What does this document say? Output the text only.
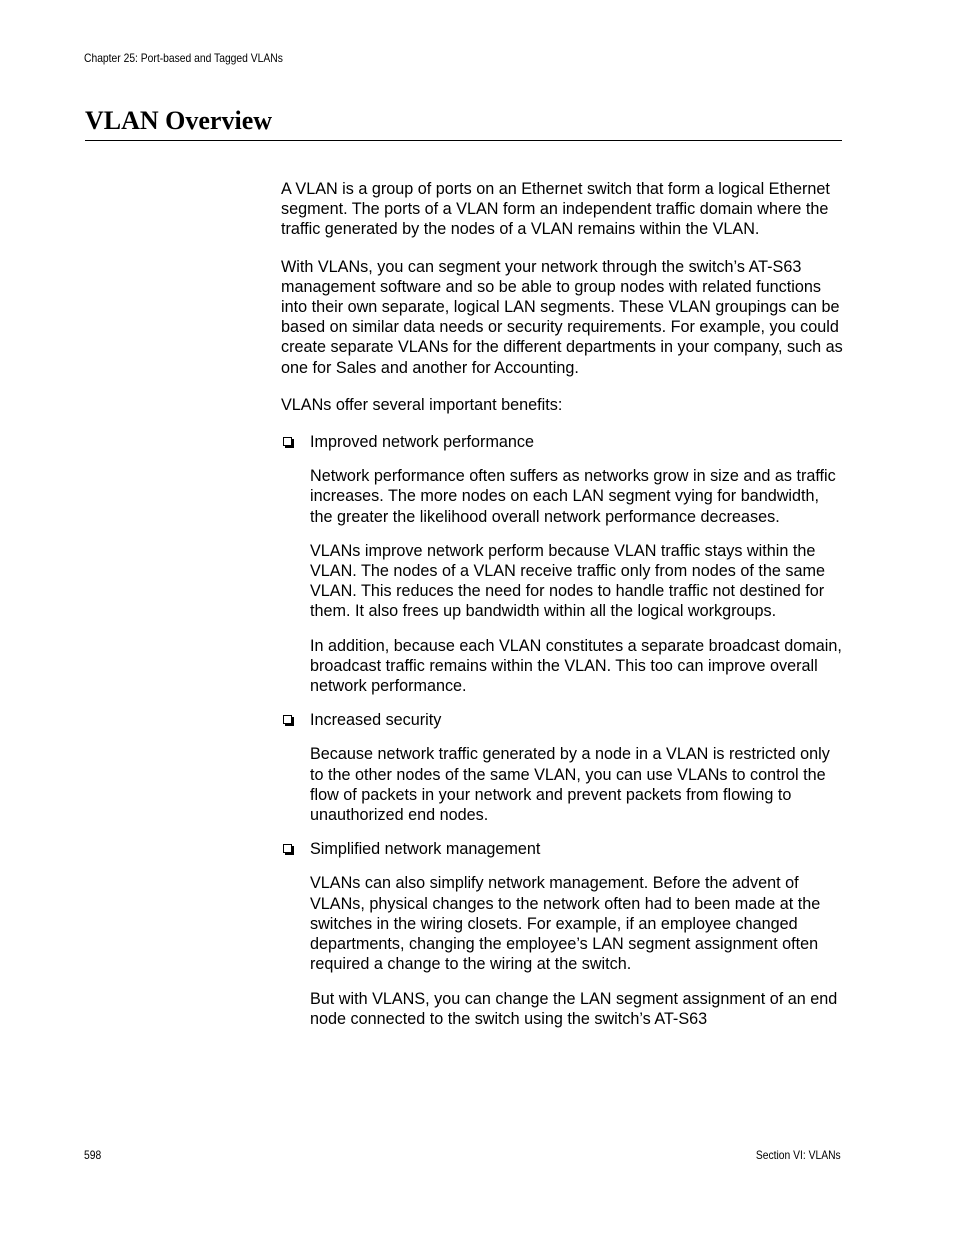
Chapter 25: Port-based and Tagged VLANs
VLAN Overview

A VLAN is a group of ports on an Ethernet switch that form a logical Ethernet segment. The ports of a VLAN form an independent traffic domain where the traffic generated by the nodes of a VLAN remains within the VLAN.

With VLANs, you can segment your network through the switch’s AT-S63 management software and so be able to group nodes with related functions into their own separate, logical LAN segments. These VLAN groupings can be based on similar data needs or security requirements. For example, you could create separate VLANs for the different departments in your company, such as one for Sales and another for Accounting.

VLANs offer several important benefits:

Improved network performance

Network performance often suffers as networks grow in size and as traffic increases. The more nodes on each LAN segment vying for bandwidth, the greater the likelihood overall network performance decreases.

VLANs improve network perform because VLAN traffic stays within the VLAN. The nodes of a VLAN receive traffic only from nodes of the same VLAN. This reduces the need for nodes to handle traffic not destined for them. It also frees up bandwidth within all the logical workgroups.

In addition, because each VLAN constitutes a separate broadcast domain, broadcast traffic remains within the VLAN. This too can improve overall network performance.

Increased security

Because network traffic generated by a node in a VLAN is restricted only to the other nodes of the same VLAN, you can use VLANs to control the flow of packets in your network and prevent packets from flowing to unauthorized end nodes.

Simplified network management

VLANs can also simplify network management. Before the advent of VLANs, physical changes to the network often had to been made at the switches in the wiring closets. For example, if an employee changed departments, changing the employee’s LAN segment assignment often required a change to the wiring at the switch.

But with VLANS, you can change the LAN segment assignment of an end node connected to the switch using the switch’s AT-S63

598	Section VI: VLANs
